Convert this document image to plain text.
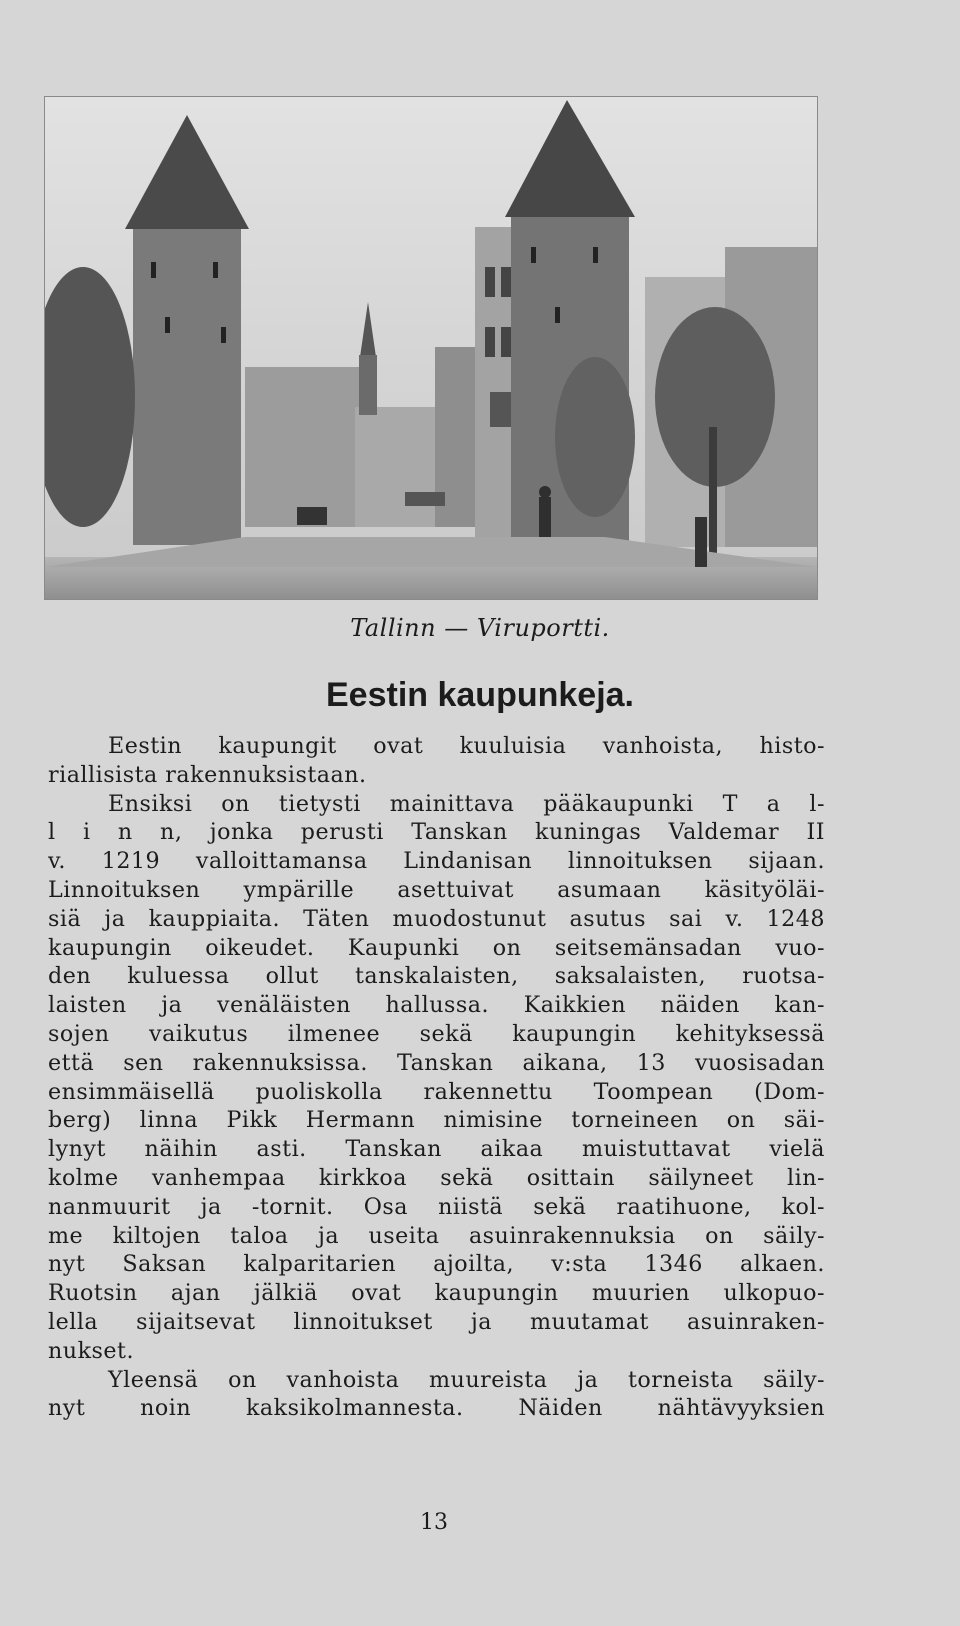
Tallinn — Viruportti.
Eestin kaupunkeja.
Eestin kaupungit ovat kuuluisia vanhoista, histo-
riallisista rakennuksistaan.
Ensiksi on tietysti mainittava pääkaupunki T a l-
l i n n, jonka perusti Tanskan kuningas Valdemar II
v. 1219 valloittamansa Lindanisan linnoituksen sijaan.
Linnoituksen ympärille asettuivat asumaan käsityöläi-
siä ja kauppiaita. Täten muodostunut asutus sai v. 1248
kaupungin oikeudet. Kaupunki on seitsemänsadan vuo-
den kuluessa ollut tanskalaisten, saksalaisten, ruotsa-
laisten ja venäläisten hallussa. Kaikkien näiden kan-
sojen vaikutus ilmenee sekä kaupungin kehityksessä
että sen rakennuksissa. Tanskan aikana, 13 vuosisadan
ensimmäisellä puoliskolla rakennettu Toompean (Dom-
berg) linna Pikk Hermann nimisine torneineen on säi-
lynyt näihin asti. Tanskan aikaa muistuttavat vielä
kolme vanhempaa kirkkoa sekä osittain säilyneet lin-
nanmuurit ja -tornit. Osa niistä sekä raatihuone, kol-
me kiltojen taloa ja useita asuinrakennuksia on säily-
nyt Saksan kalparitarien ajoilta, v:sta 1346 alkaen.
Ruotsin ajan jälkiä ovat kaupungin muurien ulkopuo-
lella sijaitsevat linnoitukset ja muutamat asuinraken-
nukset.
Yleensä on vanhoista muureista ja torneista säily-
nyt noin kaksikolmannesta. Näiden nähtävyyksien
13
